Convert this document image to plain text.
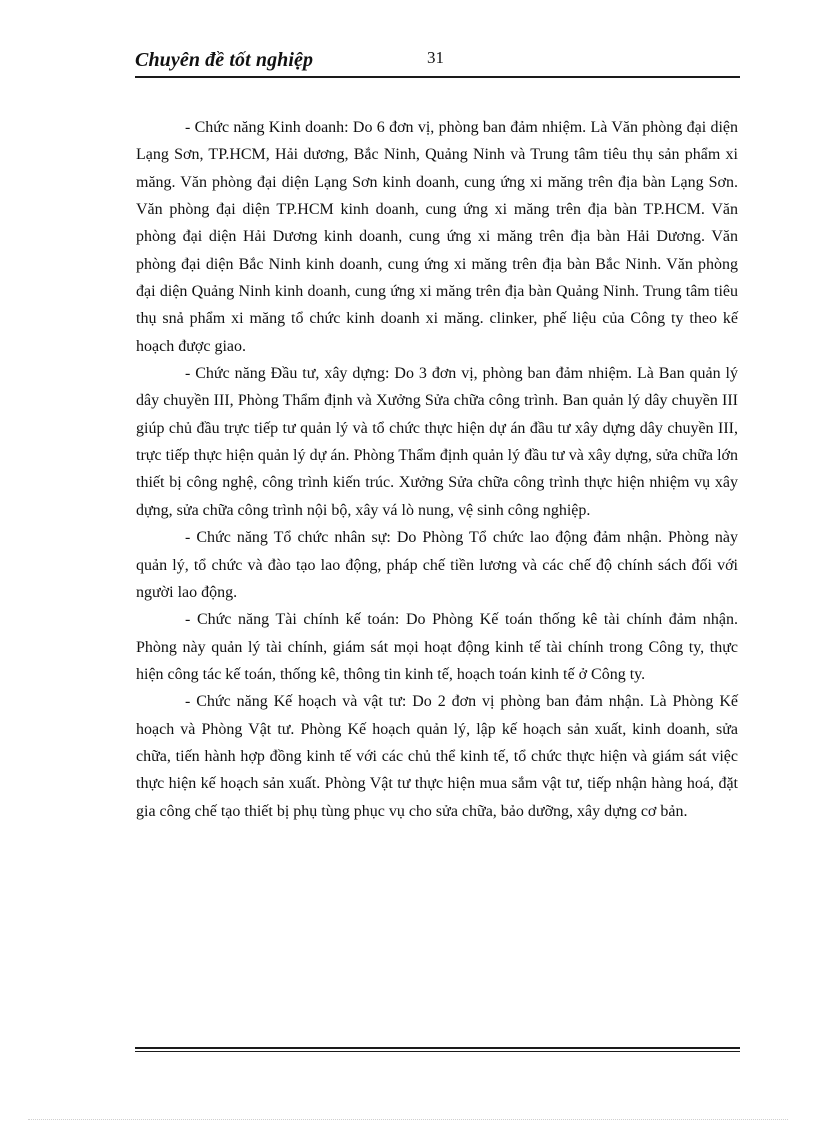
Chuyên đề tốt nghiệp	31

- Chức năng Kinh doanh: Do 6 đơn vị, phòng ban đảm nhiệm. Là Văn phòng đại diện Lạng Sơn, TP.HCM, Hải dương, Bắc Ninh, Quảng Ninh và Trung tâm tiêu thụ sản phẩm xi măng. Văn phòng đại diện Lạng Sơn kinh doanh, cung ứng xi măng trên địa bàn Lạng Sơn. Văn phòng đại diện TP.HCM kinh doanh, cung ứng xi măng trên địa bàn TP.HCM. Văn phòng đại diện Hải Dương kinh doanh, cung ứng xi măng trên địa bàn Hải Dương. Văn phòng đại diện Bắc Ninh kinh doanh, cung ứng xi măng trên địa bàn Bắc Ninh. Văn phòng đại diện Quảng Ninh kinh doanh, cung ứng xi măng trên địa bàn Quảng Ninh. Trung tâm tiêu thụ snả phẩm xi măng tổ chức kinh doanh xi măng. clinker, phế liệu của Công ty theo kế hoạch được giao.

- Chức năng Đầu tư, xây dựng: Do 3 đơn vị, phòng ban đảm nhiệm. Là Ban quản lý dây chuyền III, Phòng Thẩm định và Xưởng Sửa chữa công trình. Ban quản lý dây chuyền III giúp chủ đầu trực tiếp tư quản lý và tổ chức thực hiện dự án đầu tư xây dựng dây chuyền III, trực tiếp thực hiện quản lý dự án. Phòng Thẩm định quản lý đầu tư và xây dựng, sửa chữa lớn thiết bị công nghệ, công trình kiến trúc. Xưởng Sửa chữa công trình thực hiện nhiệm vụ xây dựng, sửa chữa công trình nội bộ, xây vá lò nung, vệ sinh công nghiệp.

- Chức năng Tổ chức nhân sự: Do Phòng Tổ chức lao động đảm nhận. Phòng này quản lý, tổ chức và đào tạo lao động, pháp chế tiền lương và các chế độ chính sách đối với người lao động.

- Chức năng Tài chính kế toán: Do Phòng Kế toán thống kê tài chính đảm nhận. Phòng này quản lý tài chính, giám sát mọi hoạt động kinh tế tài chính trong Công ty, thực hiện công tác kế toán, thống kê, thông tin kinh tế, hoạch toán kinh tế ở Công ty.

- Chức năng Kế hoạch và vật tư: Do 2 đơn vị phòng ban đảm nhận. Là Phòng Kế hoạch và Phòng Vật tư. Phòng Kế hoạch quản lý, lập kế hoạch sản xuất, kinh doanh, sửa chữa, tiến hành hợp đồng kinh tế với các chủ thể kinh tế, tổ chức thực hiện và giám sát việc thực hiện kế hoạch sản xuất. Phòng Vật tư thực hiện mua sắm vật tư, tiếp nhận hàng hoá, đặt gia công chế tạo thiết bị phụ tùng phục vụ cho sửa chữa, bảo dưỡng, xây dựng cơ bản.
